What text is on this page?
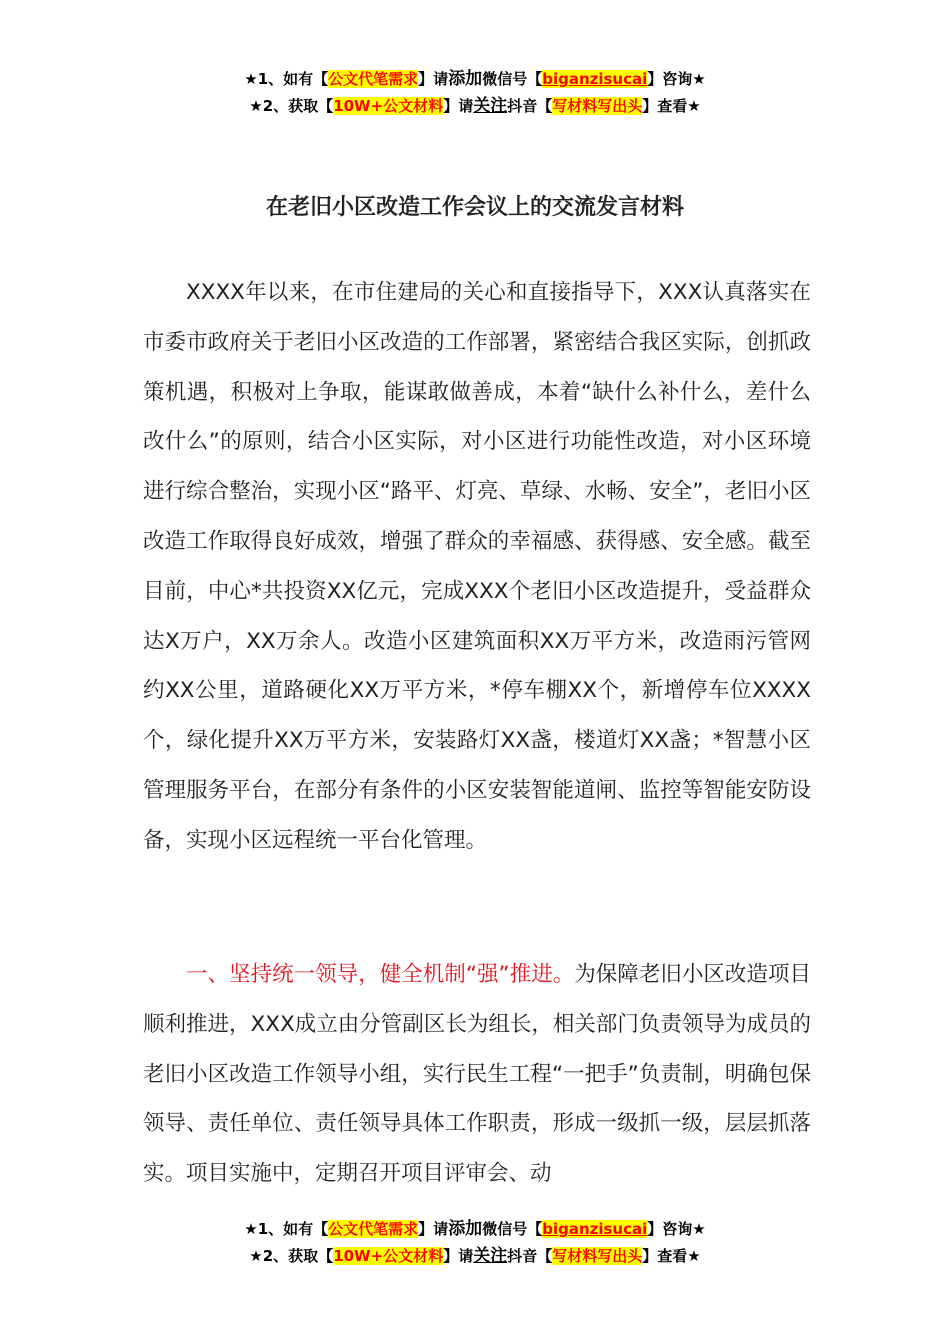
★1、如有【公文代笔需求】请添加微信号【biganzisucai】咨询★
★2、获取【10W+公文材料】请关注抖音【写材料写出头】查看★
在老旧小区改造工作会议上的交流发言材料

XXXX年以来，在市住建局的关心和直接指导下，XXX认真落实在市委市政府关于老旧小区改造的工作部署，紧密结合我区实际，创抓政策机遇，积极对上争取，能谋敢做善成，本着“缺什么补什么，差什么改什么”的原则，结合小区实际，对小区进行功能性改造，对小区环境进行综合整治，实现小区“路平、灯亮、草绿、水畅、安全”，老旧小区改造工作取得良好成效，增强了群众的幸福感、获得感、安全感。截至目前，中心*共投资XX亿元，完成XXX个老旧小区改造提升，受益群众达X万户，XX万余人。改造小区建筑面积XX万平方米，改造雨污管网约XX公里，道路硬化XX万平方米，*停车棚XX个，新增停车位XXXX个，绿化提升XX万平方米，安装路灯XX盏，楼道灯XX盏；*智慧小区管理服务平台，在部分有条件的小区安装智能道闸、监控等智能安防设备，实现小区远程统一平台化管理。

一、坚持统一领导，健全机制“强”推进。为保障老旧小区改造项目顺利推进，XXX成立由分管副区长为组长，相关部门负责领导为成员的老旧小区改造工作领导小组，实行民生工程“一把手”负责制，明确包保领导、责任单位、责任领导具体工作职责，形成一级抓一级，层层抓落实。项目实施中，定期召开项目评审会、动

★1、如有【公文代笔需求】请添加微信号【biganzisucai】咨询★
★2、获取【10W+公文材料】请关注抖音【写材料写出头】查看★
